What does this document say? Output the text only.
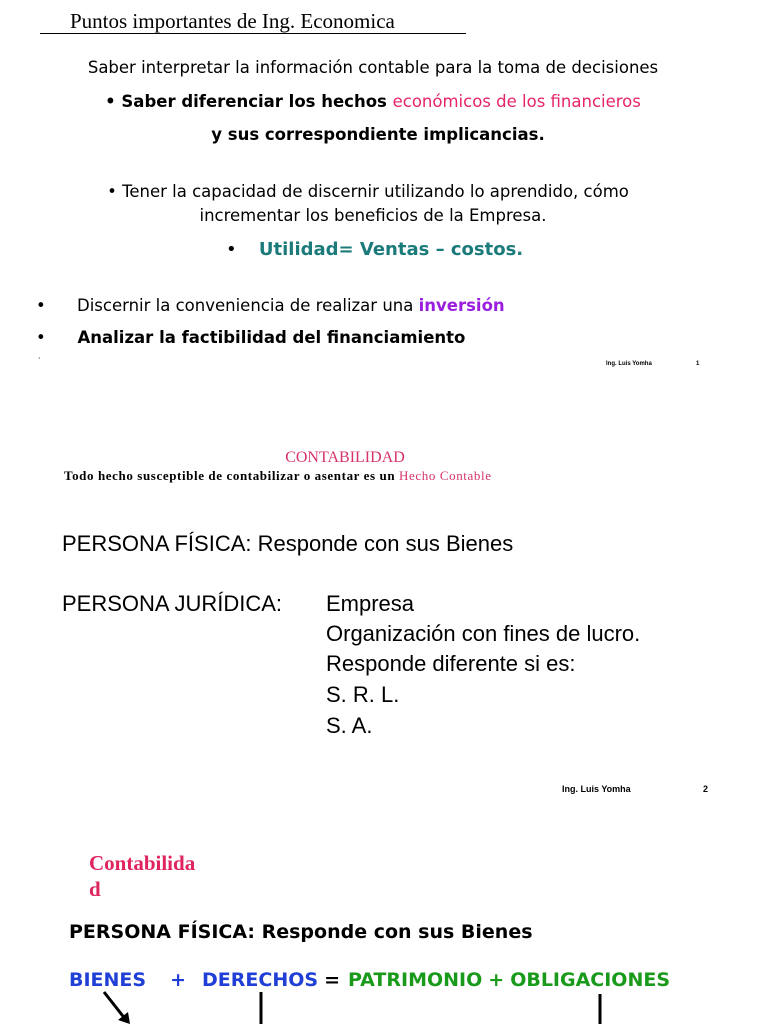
Puntos importantes de Ing. Economica
Saber interpretar la información contable para la toma de decisiones
• Saber diferenciar los hechos económicos de los financieros
y sus correspondiente implicancias.
• Tener la capacidad de discernir utilizando lo aprendido, cómo
incrementar los beneficios de la Empresa.
• Utilidad= Ventas – costos.
• Discernir la conveniencia de realizar una inversión
• Analizar la factibilidad del financiamiento
·
Ing. Luis Yomha	1
CONTABILIDAD
Todo hecho susceptible de contabilizar o asentar es un Hecho Contable
PERSONA FÍSICA: Responde con sus Bienes
PERSONA JURÍDICA: Empresa
Organización con fines de lucro.
Responde diferente si es:
S. R. L.
S. A.
Ing. Luis Yomha	2
Contabilida
d
PERSONA FÍSICA: Responde con sus Bienes
BIENES + DERECHOS = PATRIMONIO + OBLIGACIONES
